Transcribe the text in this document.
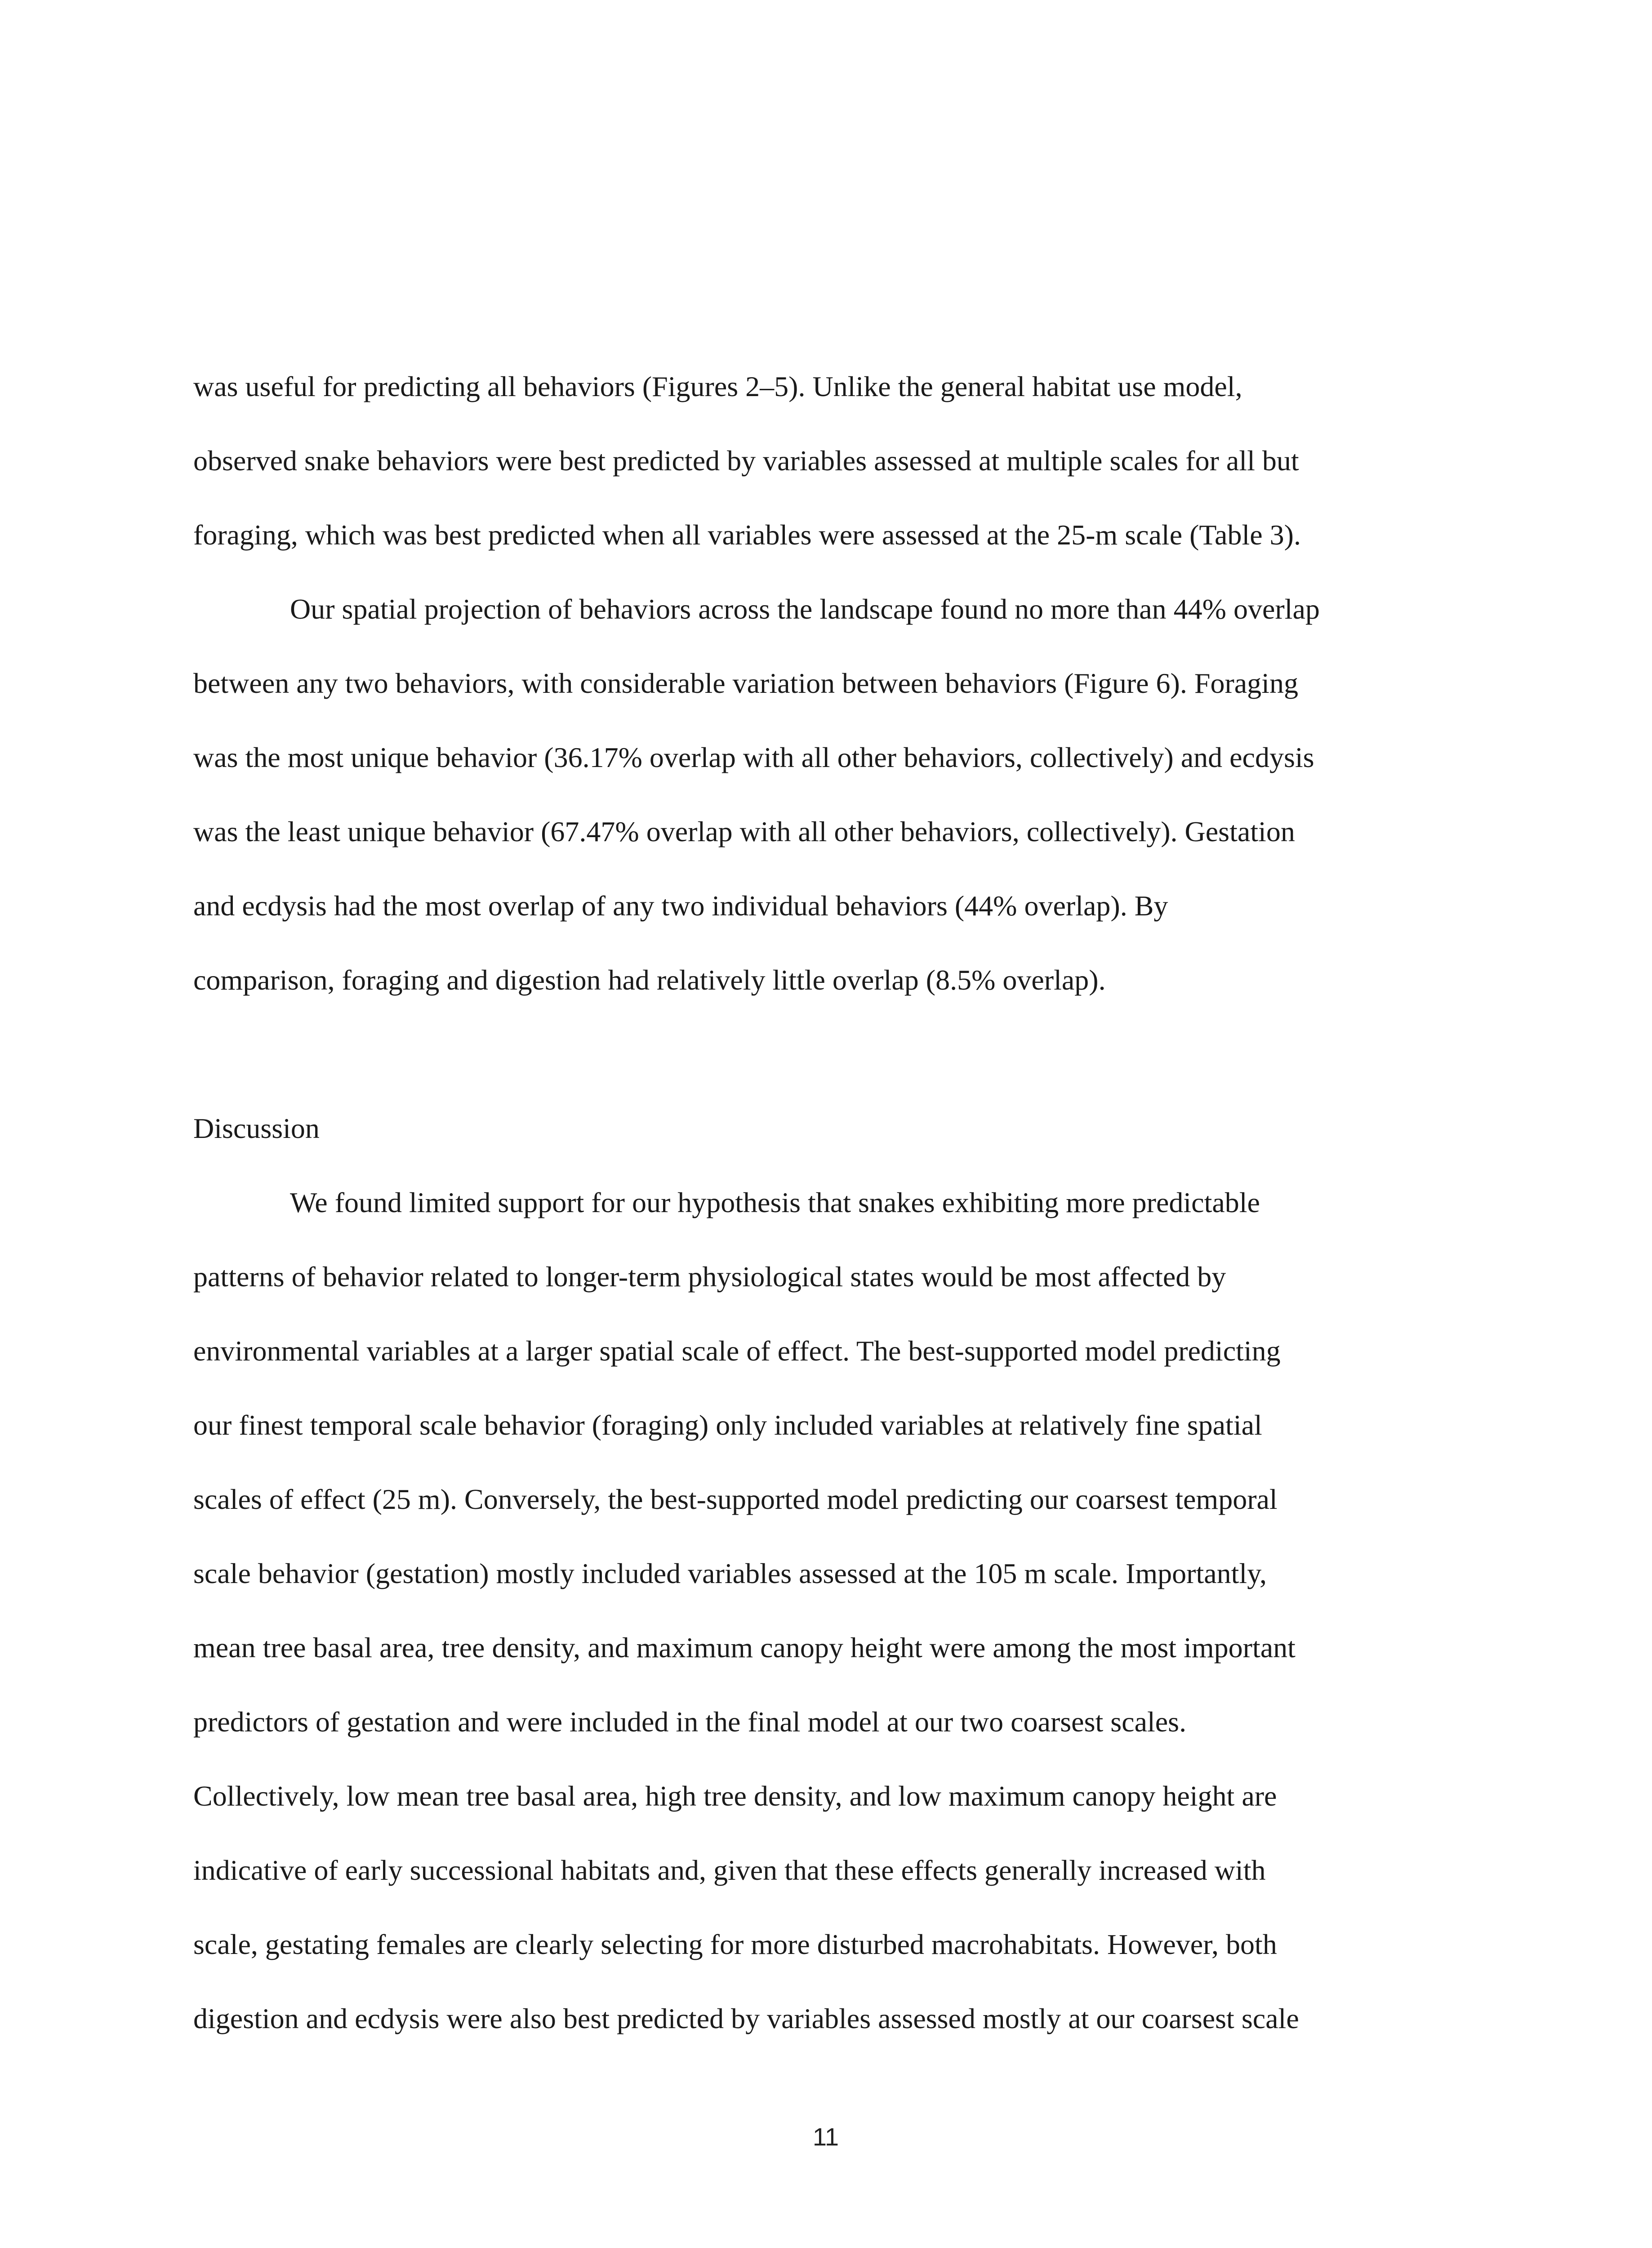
was useful for predicting all behaviors (Figures 2–5). Unlike the general habitat use model,
observed snake behaviors were best predicted by variables assessed at multiple scales for all but
foraging, which was best predicted when all variables were assessed at the 25-m scale (Table 3).
Our spatial projection of behaviors across the landscape found no more than 44% overlap
between any two behaviors, with considerable variation between behaviors (Figure 6). Foraging
was the most unique behavior (36.17% overlap with all other behaviors, collectively) and ecdysis
was the least unique behavior (67.47% overlap with all other behaviors, collectively). Gestation
and ecdysis had the most overlap of any two individual behaviors (44% overlap). By
comparison, foraging and digestion had relatively little overlap (8.5% overlap).
Discussion
We found limited support for our hypothesis that snakes exhibiting more predictable
patterns of behavior related to longer-term physiological states would be most affected by
environmental variables at a larger spatial scale of effect. The best-supported model predicting
our finest temporal scale behavior (foraging) only included variables at relatively fine spatial
scales of effect (25 m). Conversely, the best-supported model predicting our coarsest temporal
scale behavior (gestation) mostly included variables assessed at the 105 m scale. Importantly,
mean tree basal area, tree density, and maximum canopy height were among the most important
predictors of gestation and were included in the final model at our two coarsest scales.
Collectively, low mean tree basal area, high tree density, and low maximum canopy height are
indicative of early successional habitats and, given that these effects generally increased with
scale, gestating females are clearly selecting for more disturbed macrohabitats. However, both
digestion and ecdysis were also best predicted by variables assessed mostly at our coarsest scale
11
